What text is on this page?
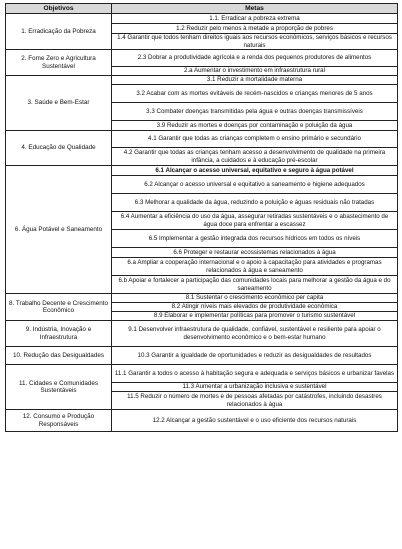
Objetivos	Metas
1. Erradicação da Pobreza	1.1. Erradicar a pobreza extrema
	1.2 Reduzir pelo menos à metade a proporção de pobres
	1.4 Garantir que todos tenham direitos iguais aos recursos econômicos, serviços básicos e recursos naturais
2. Fome Zero e Agricultura Sustentável	2.3 Dobrar a produtividade agrícola e a renda dos pequenos produtores de alimentos
	2.a Aumentar o investimento em infraestrutura rural
3. Saúde e Bem-Estar	3.1 Reduzir a mortalidade materna
	3.2 Acabar com as mortes evitáveis de recém-nascidos e crianças menores de 5 anos
	3.3 Combater doenças transmitidas pela água e outras doenças transmissíveis
	3.9 Reduzir as mortes e doenças por contaminação e poluição da água
4. Educação de Qualidade	4.1 Garantir que todas as crianças completem o ensino primário e secundário
	4.2 Garantir que todas as crianças tenham acesso a desenvolvimento de qualidade na primeira infância, a cuidados e à educação pré-escolar
6. Água Potável e Saneamento	6.1 Alcançar o acesso universal, equitativo e seguro à água potável
	6.2 Alcançar o acesso universal e equitativo a saneamento e higiene adequados
	6.3 Melhorar a qualidade da água, reduzindo a poluição e águas residuais não tratadas
	6.4 Aumentar a eficiência do uso da água, assegurar retiradas sustentáveis e o abastecimento de água doce para enfrentar a escassez
	6.5 Implementar a gestão integrada dos recursos hídricos em todos os níveis
	6.6 Proteger e restaurar ecossistemas relacionados à água
	6.a Ampliar a cooperação internacional e o apoio à capacitação para atividades e programas relacionados à água e saneamento
	6.b Apoiar e fortalecer a participação das comunidades locais para melhorar a gestão da água e do saneamento
8. Trabalho Decente e Crescimento Econômico	8.1 Sustentar o crescimento econômico per capita
	8.2 Atingir níveis mais elevados de produtividade econômica
	8.9 Elaborar e implementar políticas para promover o turismo sustentável
9. Indústria, Inovação e Infraestrutura	9.1 Desenvolver infraestrutura de qualidade, confiável, sustentável e resiliente para apoiar o desenvolvimento econômico e o bem-estar humano
10. Redução das Desigualdades	10.3 Garantir a igualdade de oportunidades e reduzir as desigualdades de resultados
11. Cidades e Comunidades Sustentáveis	11.1 Garantir a todos o acesso à habitação segura e adequada e serviços básicos e urbanizar favelas
	11.3 Aumentar a urbanização inclusiva e sustentável
	11.5 Reduzir o número de mortes e de pessoas afetadas por catástrofes, incluindo desastres relacionados à água
12. Consumo e Produção Responsáveis	12.2 Alcançar a gestão sustentável e o uso eficiente dos recursos naturais
